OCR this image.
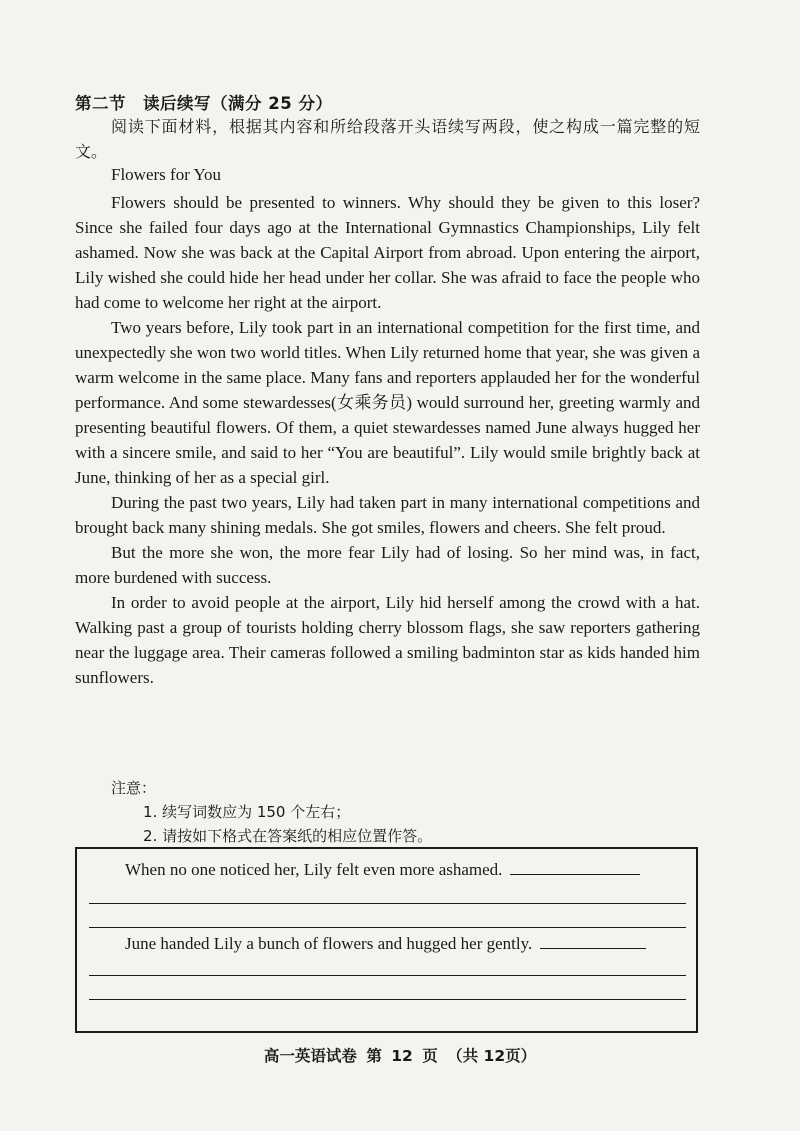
第二节　读后续写（满分 25 分）
阅读下面材料，根据其内容和所给段落开头语续写两段，使之构成一篇完整的短文。
Flowers for You

Flowers should be presented to winners. Why should they be given to this loser? Since she failed four days ago at the International Gymnastics Championships, Lily felt ashamed. Now she was back at the Capital Airport from abroad. Upon entering the airport, Lily wished she could hide her head under her collar. She was afraid to face the people who had come to welcome her right at the airport.

Two years before, Lily took part in an international competition for the first time, and unexpectedly she won two world titles. When Lily returned home that year, she was given a warm welcome in the same place. Many fans and reporters applauded her for the wonderful performance. And some stewardesses(女乘务员) would surround her, greeting warmly and presenting beautiful flowers. Of them, a quiet stewardesses named June always hugged her with a sincere smile, and said to her “You are beautiful”. Lily would smile brightly back at June, thinking of her as a special girl.

During the past two years, Lily had taken part in many international competitions and brought back many shining medals. She got smiles, flowers and cheers. She felt proud.

But the more she won, the more fear Lily had of losing. So her mind was, in fact, more burdened with success.

In order to avoid people at the airport, Lily hid herself among the crowd with a hat. Walking past a group of tourists holding cherry blossom flags, she saw reporters gathering near the luggage area. Their cameras followed a smiling badminton star as kids handed him sunflowers.

注意：
1. 续写词数应为 150 个左右；
2. 请按如下格式在答案纸的相应位置作答。
When no one noticed her, Lily felt even more ashamed.
June handed Lily a bunch of flowers and hugged her gently.
高一英语试卷 第 12 页 （共 12页）
